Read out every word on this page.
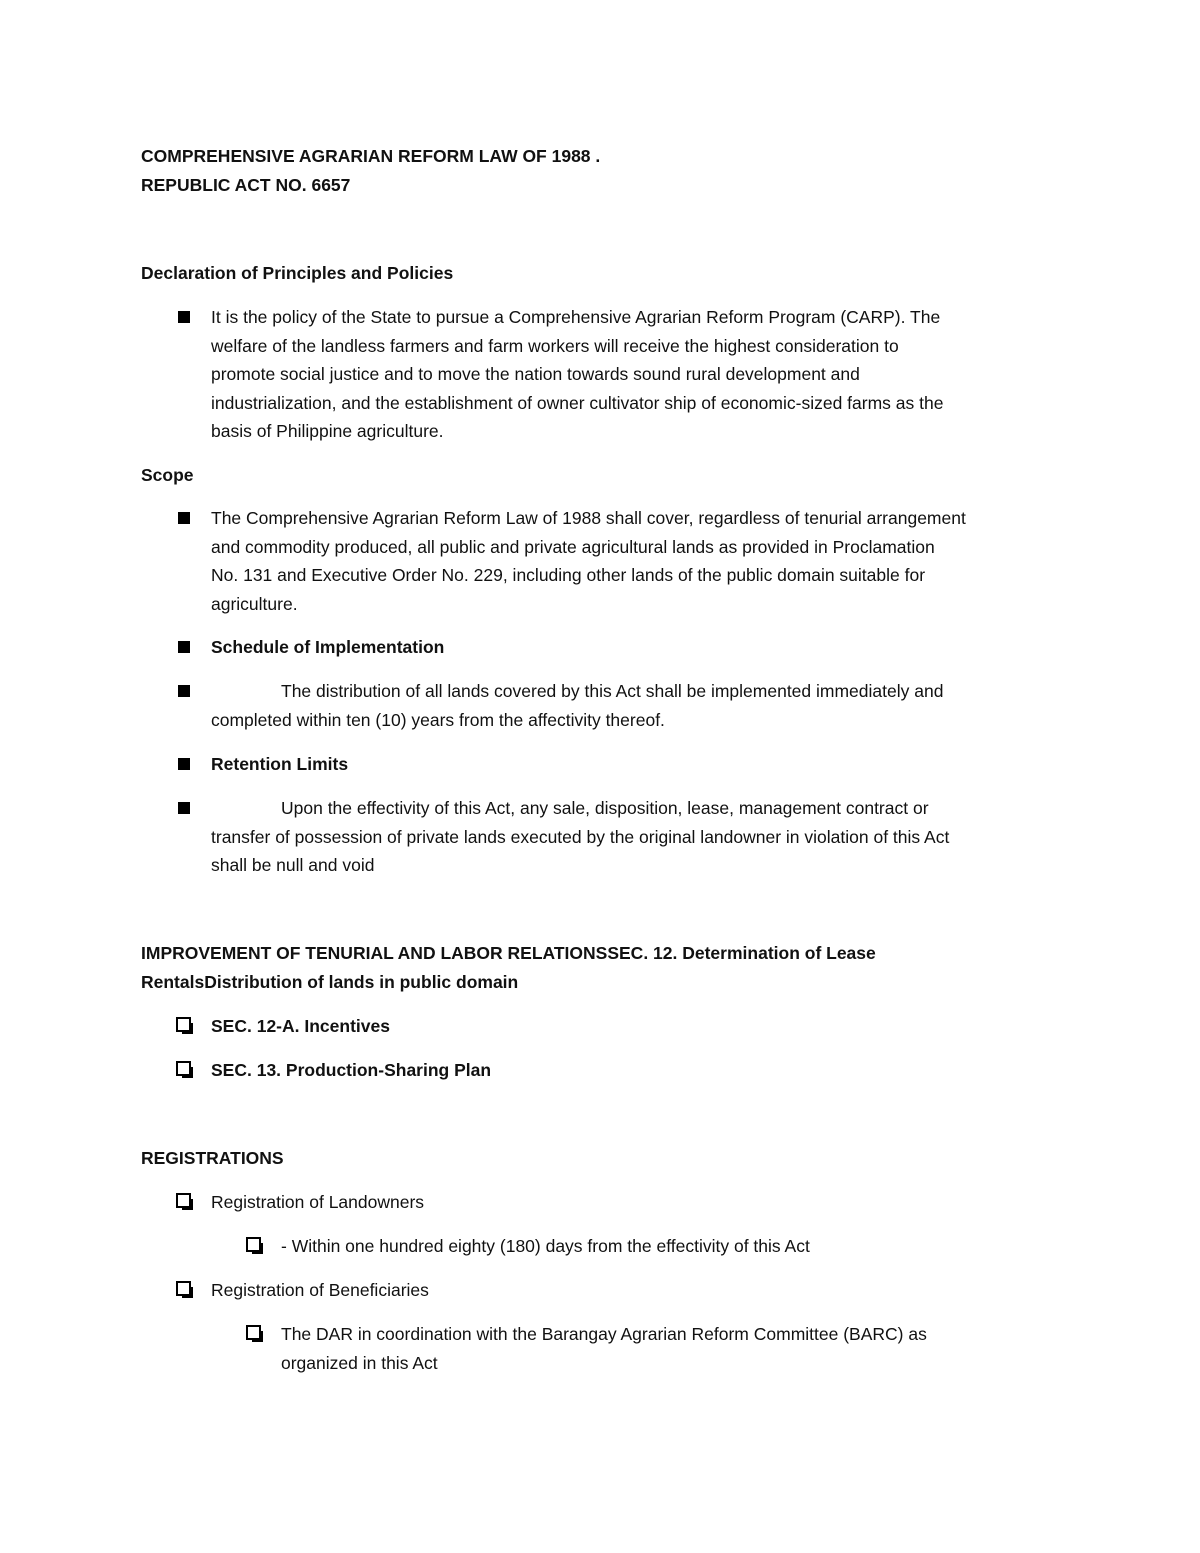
COMPREHENSIVE AGRARIAN REFORM LAW OF 1988 .
REPUBLIC ACT NO. 6657
Declaration of Principles and Policies
It is the policy of the State to pursue a Comprehensive Agrarian Reform Program (CARP). The
welfare of the landless farmers and farm workers will receive the highest consideration to
promote social justice and to move the nation towards sound rural development and
industrialization, and the establishment of owner cultivator ship of economic-sized farms as the
basis of Philippine agriculture.
Scope
The Comprehensive Agrarian Reform Law of 1988 shall cover, regardless of tenurial arrangement
and commodity produced, all public and private agricultural lands as provided in Proclamation
No. 131 and Executive Order No. 229, including other lands of the public domain suitable for
agriculture.
Schedule of Implementation
The distribution of all lands covered by this Act shall be implemented immediately and
completed within ten (10) years from the affectivity thereof.
Retention Limits
Upon the effectivity of this Act, any sale, disposition, lease, management contract or
transfer of possession of private lands executed by the original landowner in violation of this Act
shall be null and void
IMPROVEMENT OF TENURIAL AND LABOR RELATIONSSEC. 12. Determination of Lease
RentalsDistribution of lands in public domain
SEC. 12-A. Incentives
SEC. 13. Production-Sharing Plan
REGISTRATIONS
Registration of Landowners
- Within one hundred eighty (180) days from the effectivity of this Act
Registration of Beneficiaries
The DAR in coordination with the Barangay Agrarian Reform Committee (BARC) as
organized in this Act
